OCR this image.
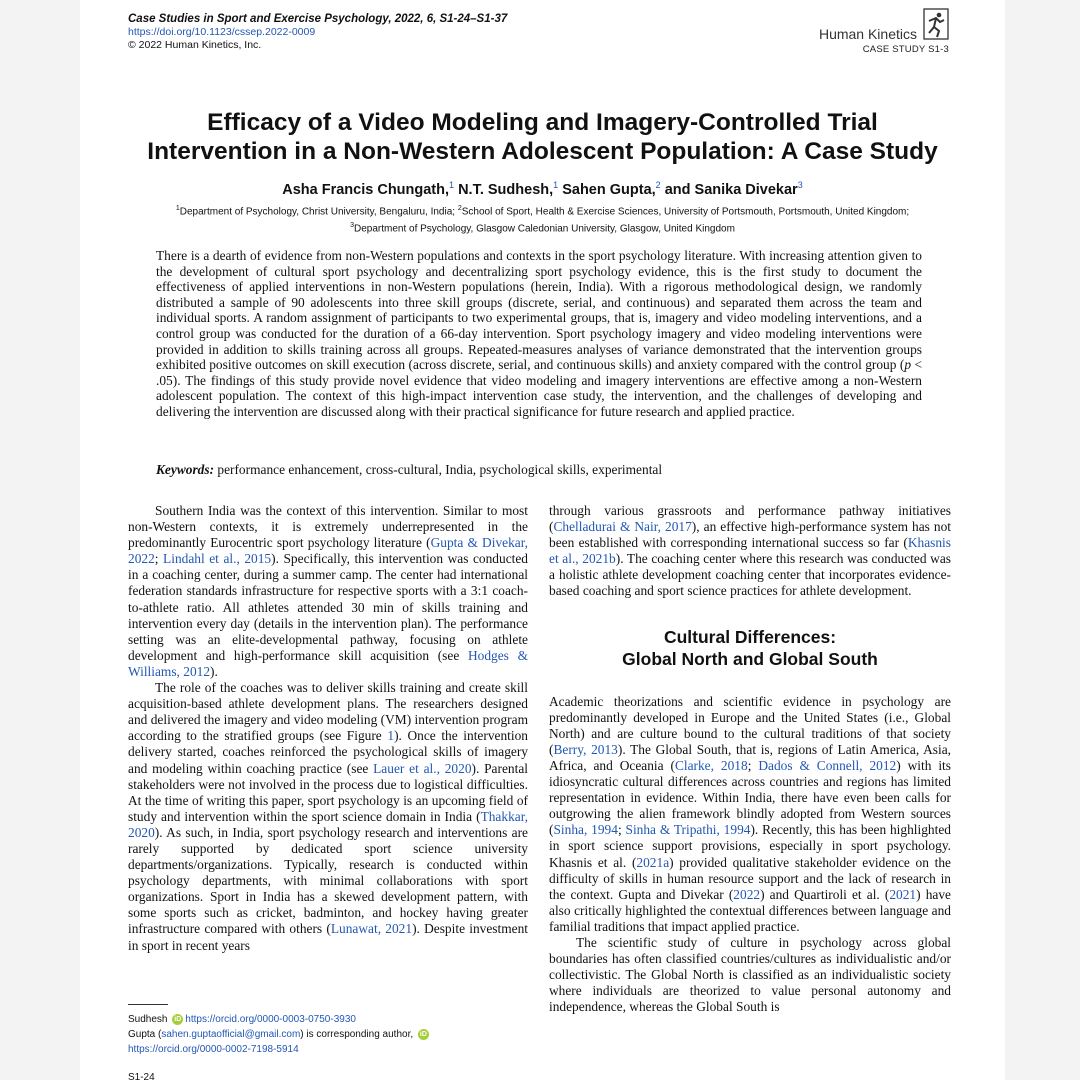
Case Studies in Sport and Exercise Psychology, 2022, 6, S1-24–S1-37
https://doi.org/10.1123/cssep.2022-0009
© 2022 Human Kinetics, Inc.
Human Kinetics
CASE STUDY S1-3
Efficacy of a Video Modeling and Imagery-Controlled Trial
Intervention in a Non-Western Adolescent Population: A Case Study
Asha Francis Chungath,$^1$ N.T. Sudhesh,$^1$ Sahen Gupta,$^2$ and Sanika Divekar$^3$
$^1$Department of Psychology, Christ University, Bengaluru, India; $^2$School of Sport, Health & Exercise Sciences, University of Portsmouth, Portsmouth, United Kingdom;
$^3$Department of Psychology, Glasgow Caledonian University, Glasgow, United Kingdom

There is a dearth of evidence from non-Western populations and contexts in the sport psychology literature. With increasing attention given to the development of cultural sport psychology and decentralizing sport psychology evidence, this is the first study to document the effectiveness of applied interventions in non-Western populations (herein, India). With a rigorous methodological design, we randomly distributed a sample of 90 adolescents into three skill groups (discrete, serial, and continuous) and separated them across the team and individual sports. A random assignment of participants to two experimental groups, that is, imagery and video modeling interventions, and a control group was conducted for the duration of a 66-day intervention. Sport psychology imagery and video modeling interventions were provided in addition to skills training across all groups. Repeated-measures analyses of variance demonstrated that the intervention groups exhibited positive outcomes on skill execution (across discrete, serial, and continuous skills) and anxiety compared with the control group (p < .05). The findings of this study provide novel evidence that video modeling and imagery interventions are effective among a non-Western adolescent population. The context of this high-impact intervention case study, the intervention, and the challenges of developing and delivering the intervention are discussed along with their practical significance for future research and applied practice.

Keywords: performance enhancement, cross-cultural, India, psychological skills, experimental

Southern India was the context of this intervention. Similar to most non-Western contexts, it is extremely underrepresented in the predominantly Eurocentric sport psychology literature (Gupta & Divekar, 2022; Lindahl et al., 2015). Specifically, this intervention was conducted in a coaching center, during a summer camp. The center had international federation standards infrastructure for respective sports with a 3:1 coach-to-athlete ratio. All athletes attended 30 min of skills training and intervention every day (details in the intervention plan). The performance setting was an elite-developmental pathway, focusing on athlete development and high-performance skill acquisition (see Hodges & Williams, 2012).

The role of the coaches was to deliver skills training and create skill acquisition-based athlete development plans. The researchers designed and delivered the imagery and video modeling (VM) intervention program according to the stratified groups (see Figure 1). Once the intervention delivery started, coaches reinforced the psychological skills of imagery and modeling within coaching practice (see Lauer et al., 2020). Parental stakeholders were not involved in the process due to logistical difficulties. At the time of writing this paper, sport psychology is an upcoming field of study and intervention within the sport science domain in India (Thakkar, 2020). As such, in India, sport psychology research and interventions are rarely supported by dedicated sport science university departments/organizations. Typically, research is conducted within psychology departments, with minimal collaborations with sport organizations. Sport in India has a skewed development pattern, with some sports such as cricket, badminton, and hockey having greater infrastructure compared with others (Lunawat, 2021). Despite investment in sport in recent years

through various grassroots and performance pathway initiatives (Chelladurai & Nair, 2017), an effective high-performance system has not been established with corresponding international success so far (Khasnis et al., 2021b). The coaching center where this research was conducted was a holistic athlete development coaching center that incorporates evidence-based coaching and sport science practices for athlete development.

Cultural Differences:
Global North and Global South

Academic theorizations and scientific evidence in psychology are predominantly developed in Europe and the United States (i.e., Global North) and are culture bound to the cultural traditions of that society (Berry, 2013). The Global South, that is, regions of Latin America, Asia, Africa, and Oceania (Clarke, 2018; Dados & Connell, 2012) with its idiosyncratic cultural differences across countries and regions has limited representation in evidence. Within India, there have even been calls for outgrowing the alien framework blindly adopted from Western sources (Sinha, 1994; Sinha & Tripathi, 1994). Recently, this has been highlighted in sport science support provisions, especially in sport psychology. Khasnis et al. (2021a) provided qualitative stakeholder evidence on the difficulty of skills in human resource support and the lack of research in the context. Gupta and Divekar (2022) and Quartiroli et al. (2021) have also critically highlighted the contextual differences between language and familial traditions that impact applied practice.

The scientific study of culture in psychology across global boundaries has often classified countries/cultures as individualistic and/or collectivistic. The Global North is classified as an individualistic society where individuals are theorized to value personal autonomy and independence, whereas the Global South is

Sudhesh iD https://orcid.org/0000-0003-0750-3930
Gupta (sahen.guptaofficial@gmail.com) is corresponding author, iDhttps://orcid.org/0000-0002-7198-5914
S1-24
